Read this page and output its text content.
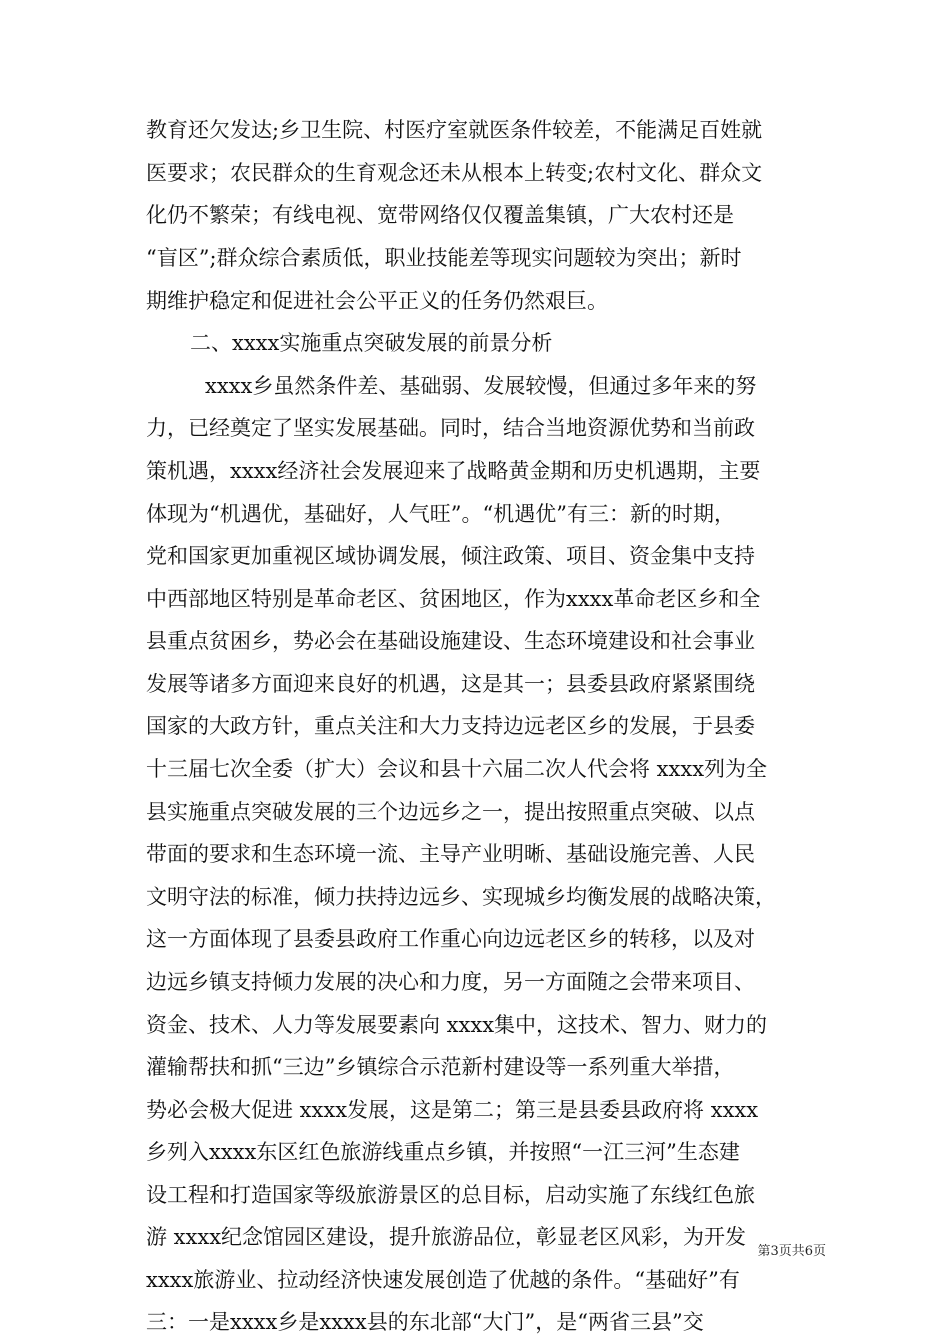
教育还欠发达;乡卫生院、村医疗室就医条件较差，不能满足百姓就
医要求；农民群众的生育观念还未从根本上转变;农村文化、群众文
化仍不繁荣；有线电视、宽带网络仅仅覆盖集镇，广大农村还是
“盲区”;群众综合素质低，职业技能差等现实问题较为突出；新时
期维护稳定和促进社会公平正义的任务仍然艰巨。
二、xxxx实施重点突破发展的前景分析
xxxx乡虽然条件差、基础弱、发展较慢，但通过多年来的努
力，已经奠定了坚实发展基础。同时，结合当地资源优势和当前政
策机遇，xxxx经济社会发展迎来了战略黄金期和历史机遇期，主要
体现为“机遇优，基础好，人气旺”。“机遇优”有三：新的时期，
党和国家更加重视区域协调发展，倾注政策、项目、资金集中支持
中西部地区特别是革命老区、贫困地区，作为xxxx革命老区乡和全
县重点贫困乡，势必会在基础设施建设、生态环境建设和社会事业
发展等诸多方面迎来良好的机遇，这是其一；县委县政府紧紧围绕
国家的大政方针，重点关注和大力支持边远老区乡的发展，于县委
十三届七次全委（扩大）会议和县十六届二次人代会将 xxxx列为全
县实施重点突破发展的三个边远乡之一，提出按照重点突破、以点
带面的要求和生态环境一流、主导产业明晰、基础设施完善、人民
文明守法的标准，倾力扶持边远乡、实现城乡均衡发展的战略决策，
这一方面体现了县委县政府工作重心向边远老区乡的转移，以及对
边远乡镇支持倾力发展的决心和力度，另一方面随之会带来项目、
资金、技术、人力等发展要素向 xxxx集中，这技术、智力、财力的
灌输帮扶和抓“三边”乡镇综合示范新村建设等一系列重大举措，
势必会极大促进 xxxx发展，这是第二；第三是县委县政府将 xxxx
乡列入xxxx东区红色旅游线重点乡镇，并按照“一江三河”生态建
设工程和打造国家等级旅游景区的总目标，启动实施了东线红色旅
游 xxxx纪念馆园区建设，提升旅游品位，彰显老区风彩，为开发
xxxx旅游业、拉动经济快速发展创造了优越的条件。“基础好”有
三：一是xxxx乡是xxxx县的东北部“大门”，是“两省三县”交
第3页共6页
